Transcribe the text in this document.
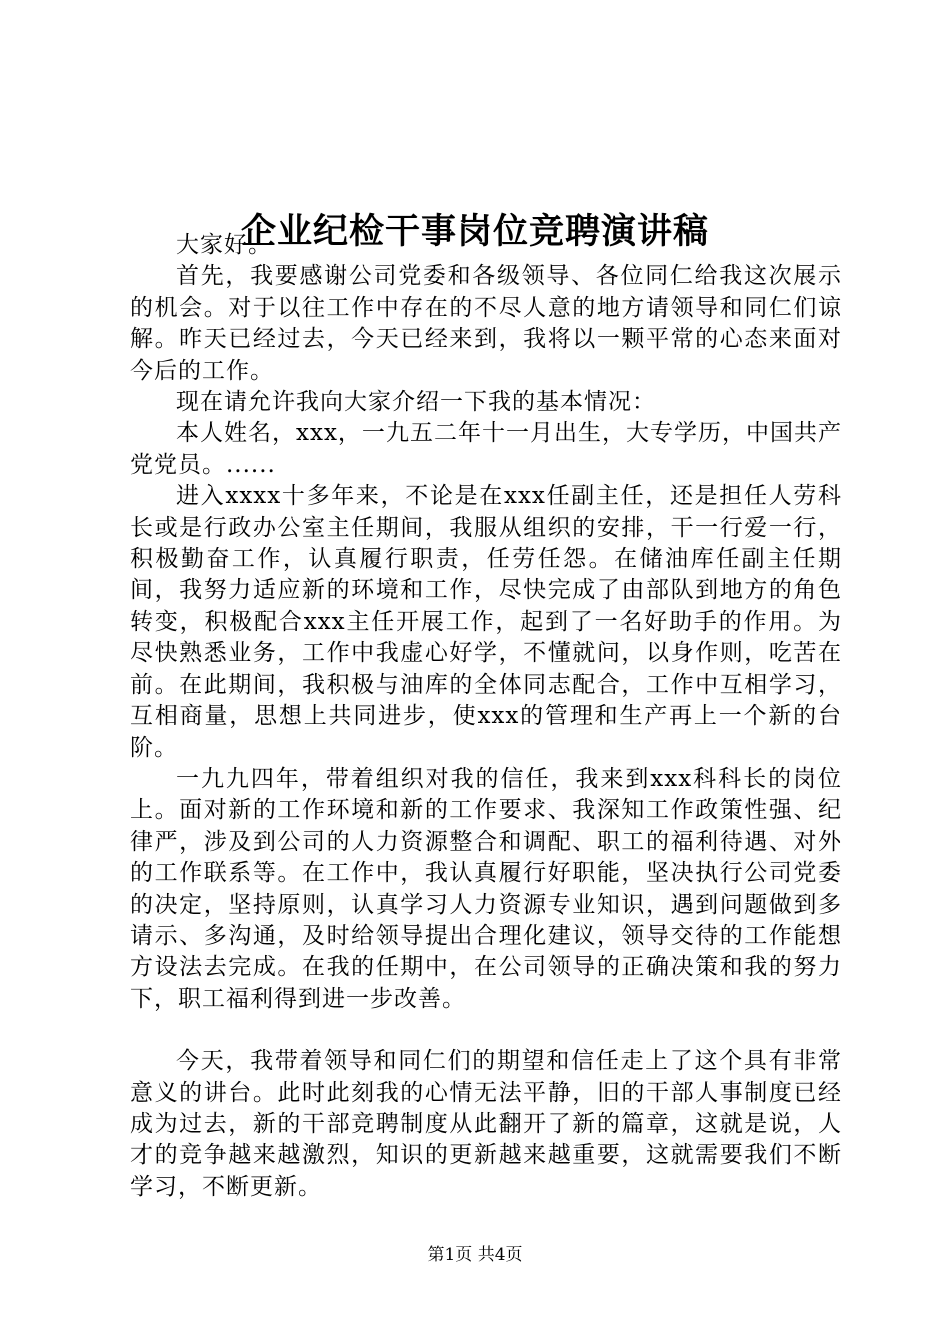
企业纪检干事岗位竞聘演讲稿

大家好。

首先，我要感谢公司党委和各级领导、各位同仁给我这次展示的机会。对于以往工作中存在的不尽人意的地方请领导和同仁们谅解。昨天已经过去，今天已经来到，我将以一颗平常的心态来面对今后的工作。

现在请允许我向大家介绍一下我的基本情况：

本人姓名，xxx，一九五二年十一月出生，大专学历，中国共产党党员。......

进入xxxx十多年来，不论是在xxx任副主任，还是担任人劳科长或是行政办公室主任期间，我服从组织的安排，干一行爱一行，积极勤奋工作，认真履行职责，任劳任怨。在储油库任副主任期间，我努力适应新的环境和工作，尽快完成了由部队到地方的角色转变，积极配合xxx主任开展工作，起到了一名好助手的作用。为尽快熟悉业务，工作中我虚心好学，不懂就问，以身作则，吃苦在前。在此期间，我积极与油库的全体同志配合，工作中互相学习，互相商量，思想上共同进步，使xxx的管理和生产再上一个新的台阶。

一九九四年，带着组织对我的信任，我来到xxx科科长的岗位上。面对新的工作环境和新的工作要求、我深知工作政策性强、纪律严，涉及到公司的人力资源整合和调配、职工的福利待遇、对外的工作联系等。在工作中，我认真履行好职能，坚决执行公司党委的决定，坚持原则，认真学习人力资源专业知识，遇到问题做到多请示、多沟通，及时给领导提出合理化建议，领导交待的工作能想方设法去完成。在我的任期中，在公司领导的正确决策和我的努力下，职工福利得到进一步改善。

今天，我带着领导和同仁们的期望和信任走上了这个具有非常意义的讲台。此时此刻我的心情无法平静，旧的干部人事制度已经成为过去，新的干部竞聘制度从此翻开了新的篇章，这就是说，人才的竞争越来越激烈，知识的更新越来越重要，这就需要我们不断学习，不断更新。

第1页 共4页
